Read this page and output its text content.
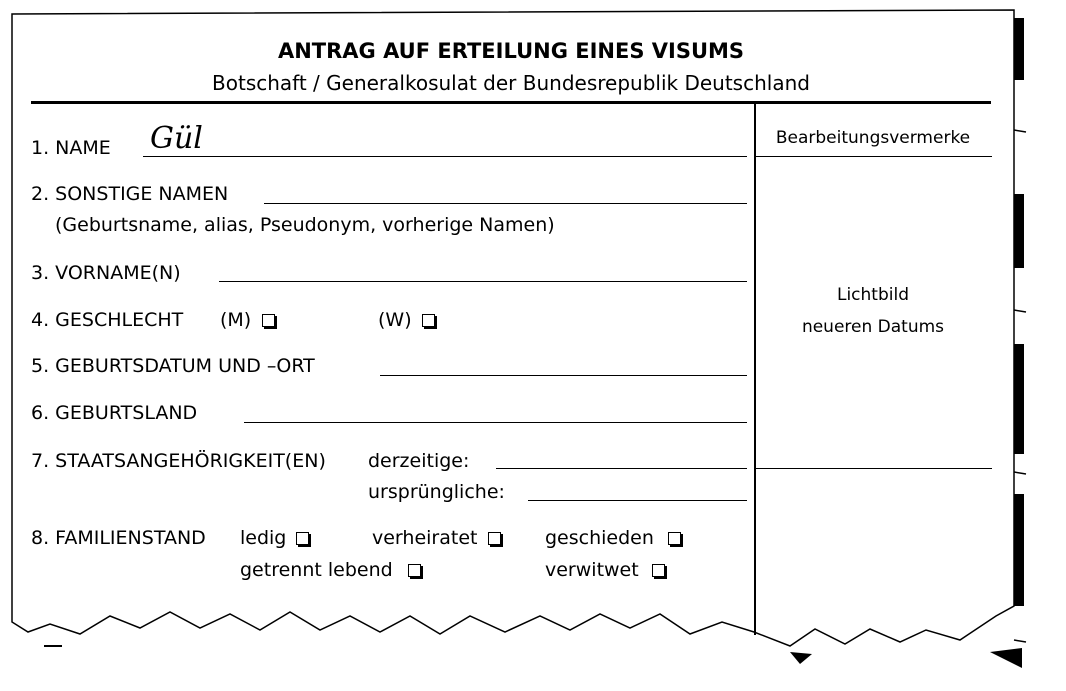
ANTRAG AUF ERTEILUNG EINES VISUMS
Botschaft / Generalkosulat der Bundesrepublik Deutschland
Bearbeitungsvermerke
Lichtbild
neueren Datums
1. NAME Gül
2. SONSTIGE NAMEN
(Geburtsname, alias, Pseudonym, vorherige Namen)
3. VORNAME(N)
4. GESCHLECHT (M)	(W)
5. GEBURTSDATUM UND –ORT
6. GEBURTSLAND
7. STAATSANGEHÖRIGKEIT(EN) derzeitige:
ursprüngliche:
8. FAMILIENSTAND ledig	verheiratet	geschieden
getrennt lebend	verwitwet
